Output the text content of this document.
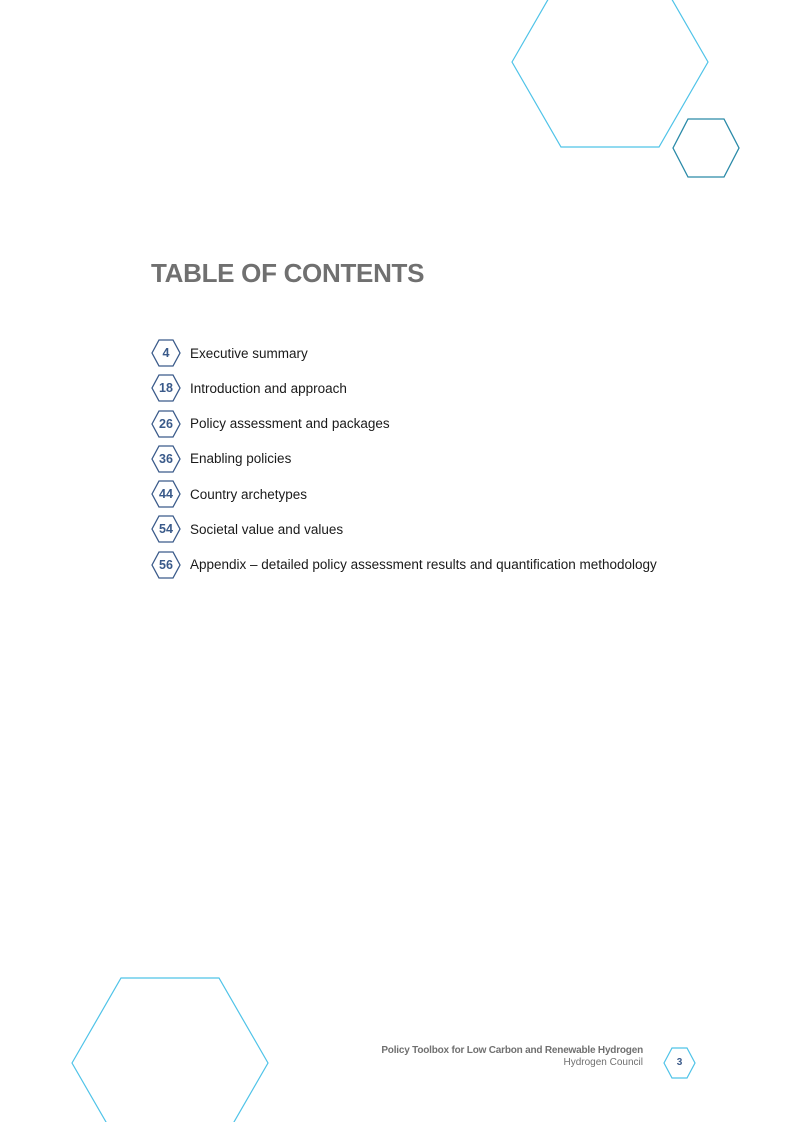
TABLE OF CONTENTS
4	Executive summary
18	Introduction and approach
26	Policy assessment and packages
36	Enabling policies
44	Country archetypes
54	Societal value and values
56	Appendix – detailed policy assessment results and quantification methodology
Policy Toolbox for Low Carbon and Renewable Hydrogen
Hydrogen Council	3
